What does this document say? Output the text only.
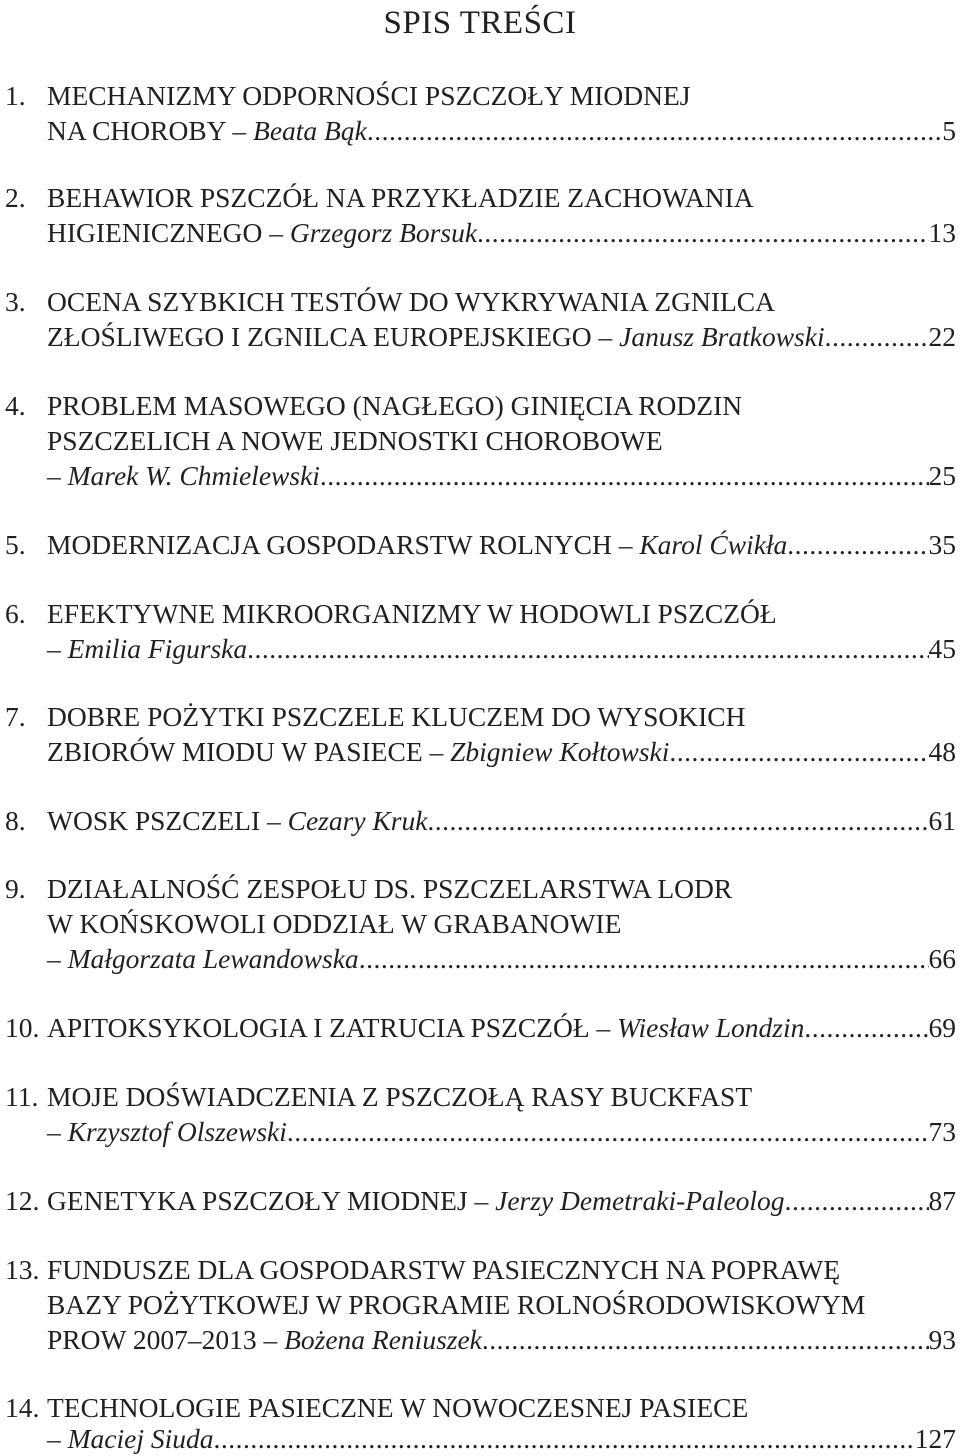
SPIS TREŚCI
1. MECHANIZMY ODPORNOŚCI PSZCZOŁY MIODNEJ
NA CHOROBY – Beata Bąk .....	5
2. BEHAWIOR PSZCZÓŁ NA PRZYKŁADZIE ZACHOWANIA
HIGIENICZNEGO – Grzegorz Borsuk .....	13
3. OCENA SZYBKICH TESTÓW DO WYKRYWANIA ZGNILCA
ZŁOŚLIWEGO I ZGNILCA EUROPEJSKIEGO – Janusz Bratkowski .....	22
4. PROBLEM MASOWEGO (NAGŁEGO) GINIĘCIA RODZIN
PSZCZELICH A NOWE JEDNOSTKI CHOROBOWE
– Marek W. Chmielewski .....	25
5. MODERNIZACJA GOSPODARSTW ROLNYCH – Karol Ćwikła .....	35
6. EFEKTYWNE MIKROORGANIZMY W HODOWLI PSZCZÓŁ
– Emilia Figurska .....	45
7. DOBRE POŻYTKI PSZCZELE KLUCZEM DO WYSOKICH
ZBIORÓW MIODU W PASIECE – Zbigniew Kołtowski .....	48
8. WOSK PSZCZELI – Cezary Kruk .....	61
9. DZIAŁALNOŚĆ ZESPOŁU DS. PSZCZELARSTWA LODR
W KOŃSKOWOLI ODDZIAŁ W GRABANOWIE
– Małgorzata Lewandowska .....	66
10. APITOKSYKOLOGIA I ZATRUCIA PSZCZÓŁ – Wiesław Londzin .....	69
11. MOJE DOŚWIADCZENIA Z PSZCZOŁĄ RASY BUCKFAST
– Krzysztof Olszewski .....	73
12. GENETYKA PSZCZOŁY MIODNEJ – Jerzy Demetraki-Paleolog .....	87
13. FUNDUSZE DLA GOSPODARSTW PASIECZNYCH NA POPRAWĘ
BAZY POŻYTKOWEJ W PROGRAMIE ROLNOŚRODOWISKOWYM
PROW 2007–2013 – Bożena Reniuszek .....	93
14. TECHNOLOGIE PASIECZNE W NOWOCZESNEJ PASIECE
– Maciej Siuda .....	127
